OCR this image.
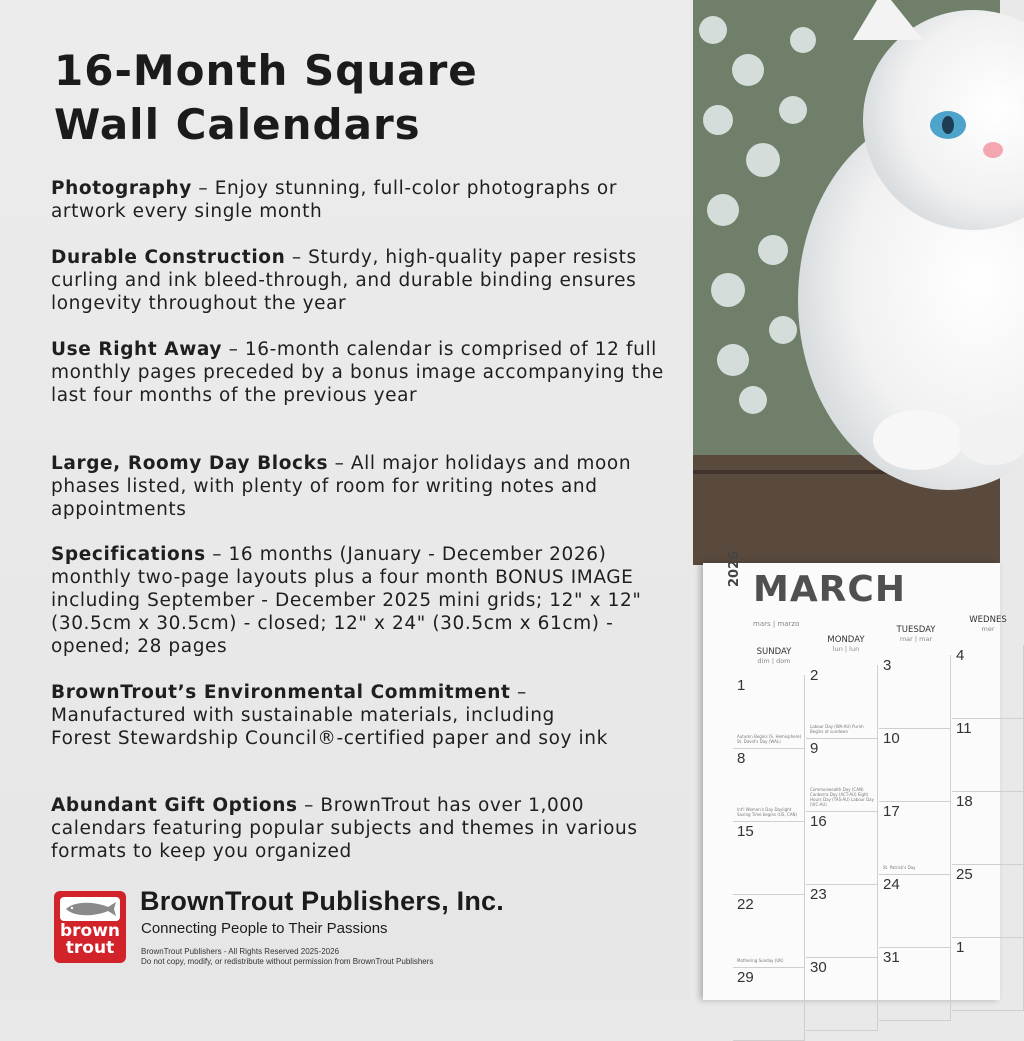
16-Month Square
Wall Calendars
Photography – Enjoy stunning, full-color photographs or artwork every single month
Durable Construction – Sturdy, high-quality paper resists curling and ink bleed-through, and durable binding ensures longevity throughout the year
Use Right Away – 16-month calendar is comprised of 12 full monthly pages preceded by a bonus image accompanying the last four months of the previous year
Large, Roomy Day Blocks – All major holidays and moon phases listed, with plenty of room for writing notes and appointments
Specifications – 16 months (January - December 2026) monthly two-page layouts plus a four month BONUS IMAGE including September - December 2025 mini grids; 12" x 12" (30.5cm x 30.5cm) - closed; 12" x 24" (30.5cm x 61cm) - opened; 28 pages
BrownTrout’s Environmental Commitment – Manufactured with sustainable materials, including Forest Stewardship Council®-certified paper and soy ink
Abundant Gift Options – BrownTrout has over 1,000 calendars featuring popular subjects and themes in various formats to keep you organized
brown
trout
BrownTrout Publishers, Inc.
Connecting People to Their Passions
BrownTrout Publishers - All Rights Reserved 2025-2026
Do not copy, modify, or redistribute without permission from BrownTrout Publishers
2026
MARCH
mars | marzo
SUNDAY
dim | dom
MONDAY
lun | lun
TUESDAY
mar | mar
WEDNES
mer
1
Autumn Begins (S. Hemisphere) St. David's Day (WAL)
2
Labour Day (WA-AU) Purim Begins at sundown
3
4
8
Int'l Women's Day Daylight Saving Time begins (US, CAN)
9
Commonwealth Day (CAN) Canberra Day (ACT-AU) Eight Hours Day (TAS-AU) Labour Day (VIC-AU)
10
11
15
16
17
St. Patrick's Day
18
22
Mothering Sunday (UK)
23
24
25
29
30
31
1
